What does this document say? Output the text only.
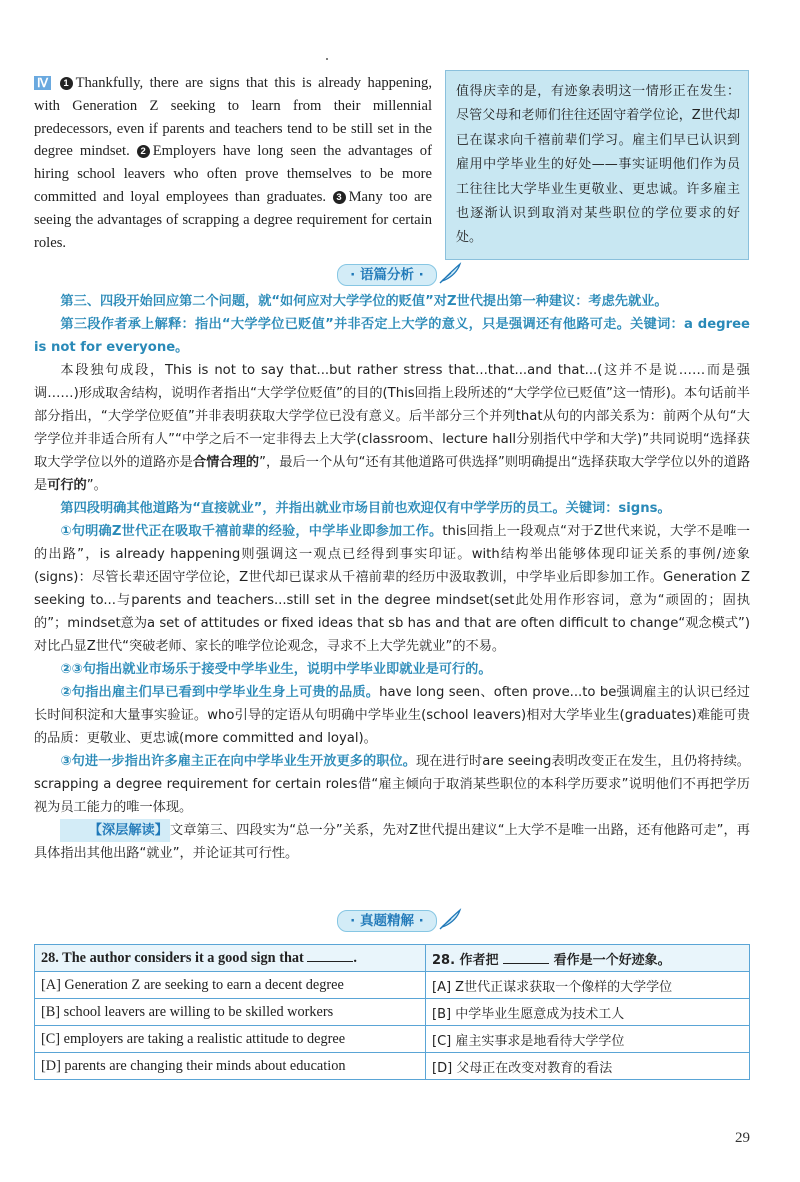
Ⅳ 1 Thankfully, there are signs that this is already happening, with Generation Z seeking to learn from their millennial predecessors, even if parents and teachers tend to be still set in the degree mindset. 2 Employers have long seen the advantages of hiring school leavers who often prove themselves to be more committed and loyal employees than graduates. 3 Many too are seeing the advantages of scrapping a degree requirement for certain roles.
值得庆幸的是，有迹象表明这一情形正在发生：尽管父母和老师们往往还固守着学位论，Z世代却已在谋求向千禧前辈们学习。雇主们早已认识到雇用中学毕业生的好处——事实证明他们作为员工往往比大学毕业生更敬业、更忠诚。许多雇主也逐渐认识到取消对某些职位的学位要求的好处。
· 语篇分析 ·

第三、四段开始回应第二个问题，就“如何应对大学学位的贬值”对Z世代提出第一种建议：考虑先就业。

第三段作者承上解释：指出“大学学位已贬值”并非否定上大学的意义，只是强调还有他路可走。关键词：a degree is not for everyone。

本段独句成段，This is not to say that...but rather stress that...that...and that...(这并不是说……而是强调……)形成取舍结构，说明作者指出“大学学位贬值”的目的(This回指上段所述的“大学学位已贬值”这一情形)。本句话前半部分指出，“大学学位贬值”并非表明获取大学学位已没有意义。后半部分三个并列that从句的内部关系为：前两个从句“大学学位并非适合所有人”“中学之后不一定非得去上大学(classroom、lecture hall分别指代中学和大学)”共同说明“选择获取大学学位以外的道路亦是合情合理的”，最后一个从句“还有其他道路可供选择”则明确提出“选择获取大学学位以外的道路是可行的”。

第四段明确其他道路为“直接就业”，并指出就业市场目前也欢迎仅有中学学历的员工。关键词：signs。

①句明确Z世代正在吸取千禧前辈的经验，中学毕业即参加工作。this回指上一段观点“对于Z世代来说，大学不是唯一的出路”，is already happening则强调这一观点已经得到事实印证。with结构举出能够体现印证关系的事例/迹象(signs)：尽管长辈还固守学位论，Z世代却已谋求从千禧前辈的经历中汲取教训，中学毕业后即参加工作。Generation Z seeking to...与parents and teachers...still set in the degree mindset(set此处用作形容词，意为“顽固的；固执的”；mindset意为a set of attitudes or fixed ideas that sb has and that are often difficult to change“观念模式”)对比凸显Z世代“突破老师、家长的唯学位论观念，寻求不上大学先就业”的不易。

②③句指出就业市场乐于接受中学毕业生，说明中学毕业即就业是可行的。

②句指出雇主们早已看到中学毕业生身上可贵的品质。have long seen、often prove...to be强调雇主的认识已经过长时间积淀和大量事实验证。who引导的定语从句明确中学毕业生(school leavers)相对大学毕业生(graduates)难能可贵的品质：更敬业、更忠诚(more committed and loyal)。

③句进一步指出许多雇主正在向中学毕业生开放更多的职位。现在进行时are seeing表明改变正在发生，且仍将持续。scrapping a degree requirement for certain roles借“雇主倾向于取消某些职位的本科学历要求”说明他们不再把学历视为员工能力的唯一体现。

【深层解读】 文章第三、四段实为“总一分”关系，先对Z世代提出建议“上大学不是唯一出路，还有他路可走”，再具体指出其他出路“就业”，并论证其可行性。

· 真题精解 ·
28. The author considers it a good sign that .	28. 作者把 看作是一个好迹象。
[A] Generation Z are seeking to earn a decent degree	[A] Z世代正谋求获取一个像样的大学学位
[B] school leavers are willing to be skilled workers	[B] 中学毕业生愿意成为技术工人
[C] employers are taking a realistic attitude to degree	[C] 雇主实事求是地看待大学学位
[D] parents are changing their minds about education	[D] 父母正在改变对教育的看法
29
